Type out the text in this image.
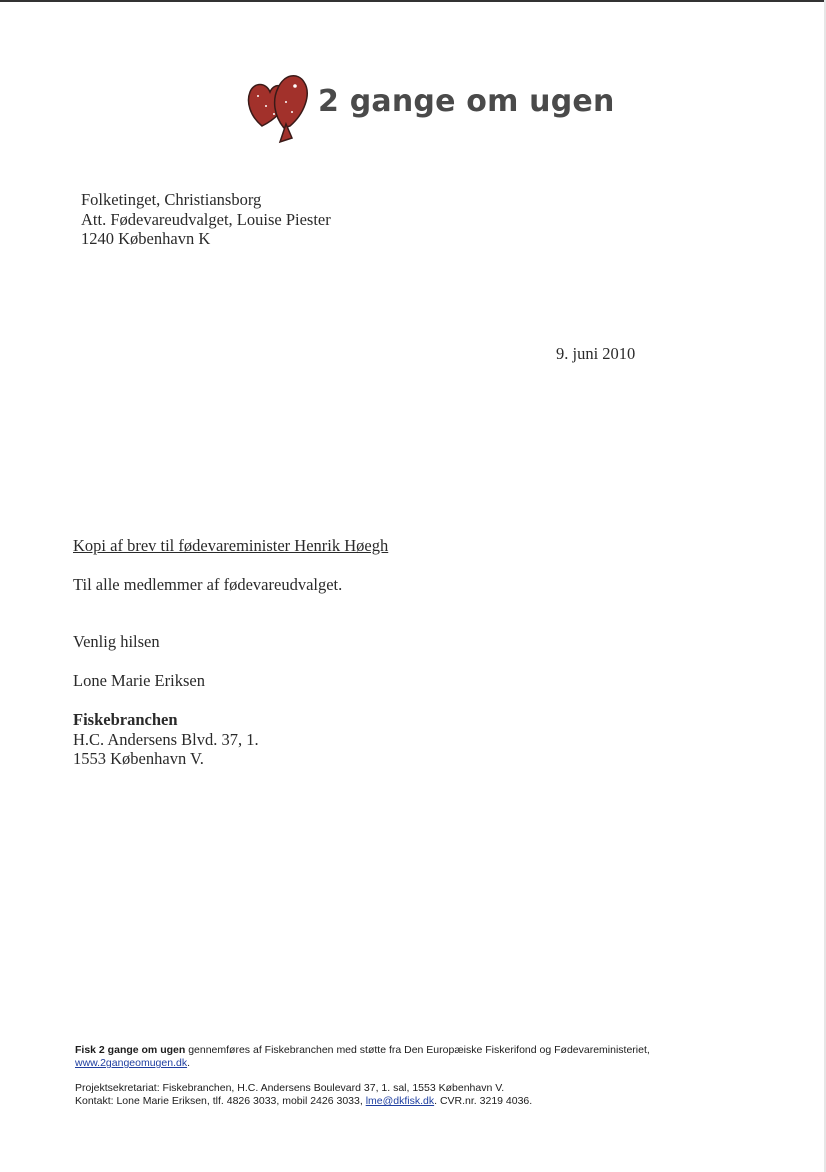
2 gange om ugen
Folketinget, Christiansborg
Att. Fødevareudvalget, Louise Piester
1240 København K
9. juni 2010
Kopi af brev til fødevareminister Henrik Høegh
Til alle medlemmer af fødevareudvalget.
Venlig hilsen
Lone Marie Eriksen
Fiskebranchen
H.C. Andersens Blvd. 37, 1.
1553 København V.
Fisk 2 gange om ugen gennemføres af Fiskebranchen med støtte fra Den Europæiske Fiskerifond og Fødevareministeriet,
www.2gangeomugen.dk.
Projektsekretariat: Fiskebranchen, H.C. Andersens Boulevard 37, 1. sal, 1553 København V.
Kontakt: Lone Marie Eriksen, tlf. 4826 3033, mobil 2426 3033, lme@dkfisk.dk. CVR.nr. 3219 4036.
